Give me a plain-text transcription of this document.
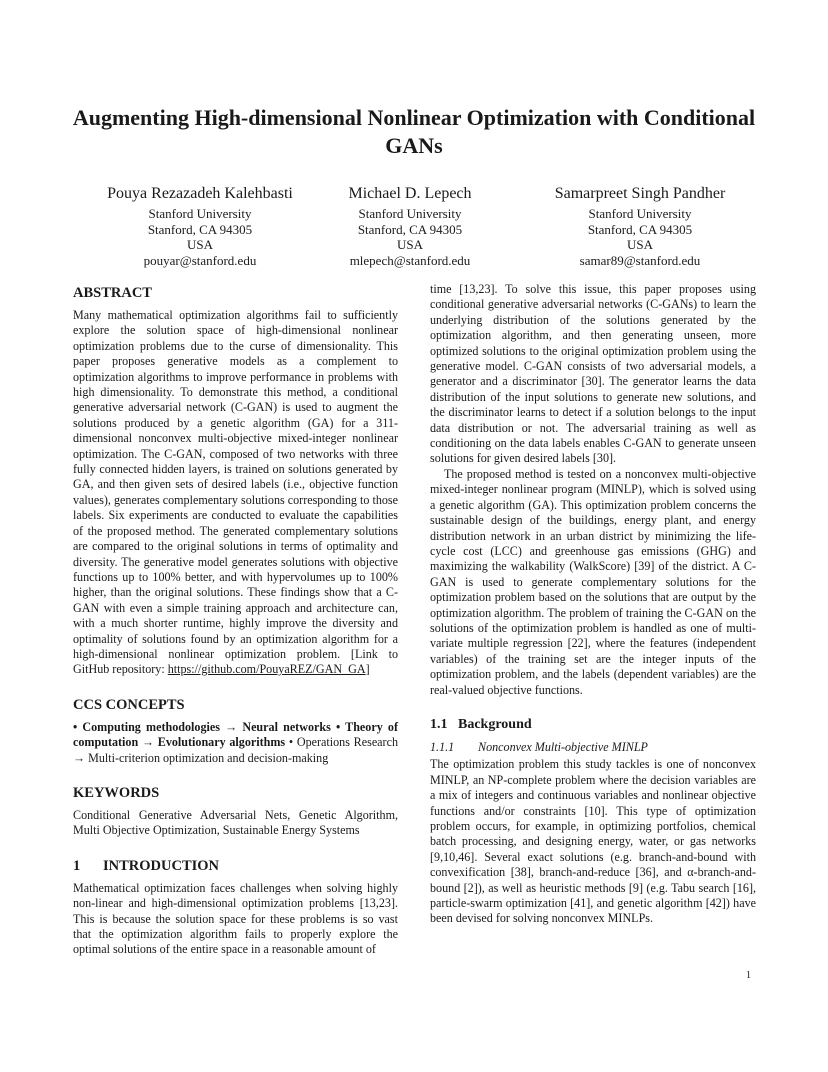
Augmenting High-dimensional Nonlinear Optimization with Conditional GANs
Pouya Rezazadeh Kalehbasti
Stanford University
Stanford, CA 94305
USA
pouyar@stanford.edu
Michael D. Lepech
Stanford University
Stanford, CA 94305
USA
mlepech@stanford.edu
Samarpreet Singh Pandher
Stanford University
Stanford, CA 94305
USA
samar89@stanford.edu
ABSTRACT

Many mathematical optimization algorithms fail to sufficiently explore the solution space of high-dimensional nonlinear optimization problems due to the curse of dimensionality. This paper proposes generative models as a complement to optimization algorithms to improve performance in problems with high dimensionality. To demonstrate this method, a conditional generative adversarial network (C-GAN) is used to augment the solutions produced by a genetic algorithm (GA) for a 311-dimensional nonconvex multi-objective mixed-integer nonlinear optimization. The C-GAN, composed of two networks with three fully connected hidden layers, is trained on solutions generated by GA, and then given sets of desired labels (i.e., objective function values), generates complementary solutions corresponding to those labels. Six experiments are conducted to evaluate the capabilities of the proposed method. The generated complementary solutions are compared to the original solutions in terms of optimality and diversity. The generative model generates solutions with objective functions up to 100% better, and with hypervolumes up to 100% higher, than the original solutions. These findings show that a C-GAN with even a simple training approach and architecture can, with a much shorter runtime, highly improve the diversity and optimality of solutions found by an optimization algorithm for a high-dimensional nonlinear optimization problem. [Link to GitHub repository: https://github.com/PouyaREZ/GAN_GA]

CCS CONCEPTS

• Computing methodologies → Neural networks • Theory of computation → Evolutionary algorithms • Operations Research → Multi-criterion optimization and decision-making

KEYWORDS

Conditional Generative Adversarial Nets, Genetic Algorithm, Multi Objective Optimization, Sustainable Energy Systems

1 INTRODUCTION

Mathematical optimization faces challenges when solving highly non-linear and high-dimensional optimization problems [13,23]. This is because the solution space for these problems is so vast that the optimization algorithm fails to properly explore the optimal solutions of the entire space in a reasonable amount of

time [13,23]. To solve this issue, this paper proposes using conditional generative adversarial networks (C-GANs) to learn the underlying distribution of the solutions generated by the optimization algorithm, and then generating unseen, more optimized solutions to the original optimization problem using the generative model. C-GAN consists of two adversarial models, a generator and a discriminator [30]. The generator learns the data distribution of the input solutions to generate new solutions, and the discriminator learns to detect if a solution belongs to the input data distribution or not. The adversarial training as well as conditioning on the data labels enables C-GAN to generate unseen solutions for given desired labels [30].

The proposed method is tested on a nonconvex multi-objective mixed-integer nonlinear program (MINLP), which is solved using a genetic algorithm (GA). This optimization problem concerns the sustainable design of the buildings, energy plant, and energy distribution network in an urban district by minimizing the life-cycle cost (LCC) and greenhouse gas emissions (GHG) and maximizing the walkability (WalkScore) [39] of the district. A C-GAN is used to generate complementary solutions for the optimization problem based on the solutions that are output by the optimization algorithm. The problem of training the C-GAN on the solutions of the optimization problem is handled as one of multi-variate multiple regression [22], where the features (independent variables) of the training set are the integer inputs of the optimization problem, and the labels (dependent variables) are the real-valued objective functions.

1.1 Background
1.1.1 Nonconvex Multi-objective MINLP

The optimization problem this study tackles is one of nonconvex MINLP, an NP-complete problem where the decision variables are a mix of integers and continuous variables and nonlinear objective functions and/or constraints [10]. This type of optimization problem occurs, for example, in optimizing portfolios, chemical batch processing, and designing energy, water, or gas networks [9,10,46]. Several exact solutions (e.g. branch-and-bound with convexification [38], branch-and-reduce [36], and α-branch-and-bound [2]), as well as heuristic methods [9] (e.g. Tabu search [16], particle-swarm optimization [41], and genetic algorithm [42]) have been devised for solving nonconvex MINLPs.

1
